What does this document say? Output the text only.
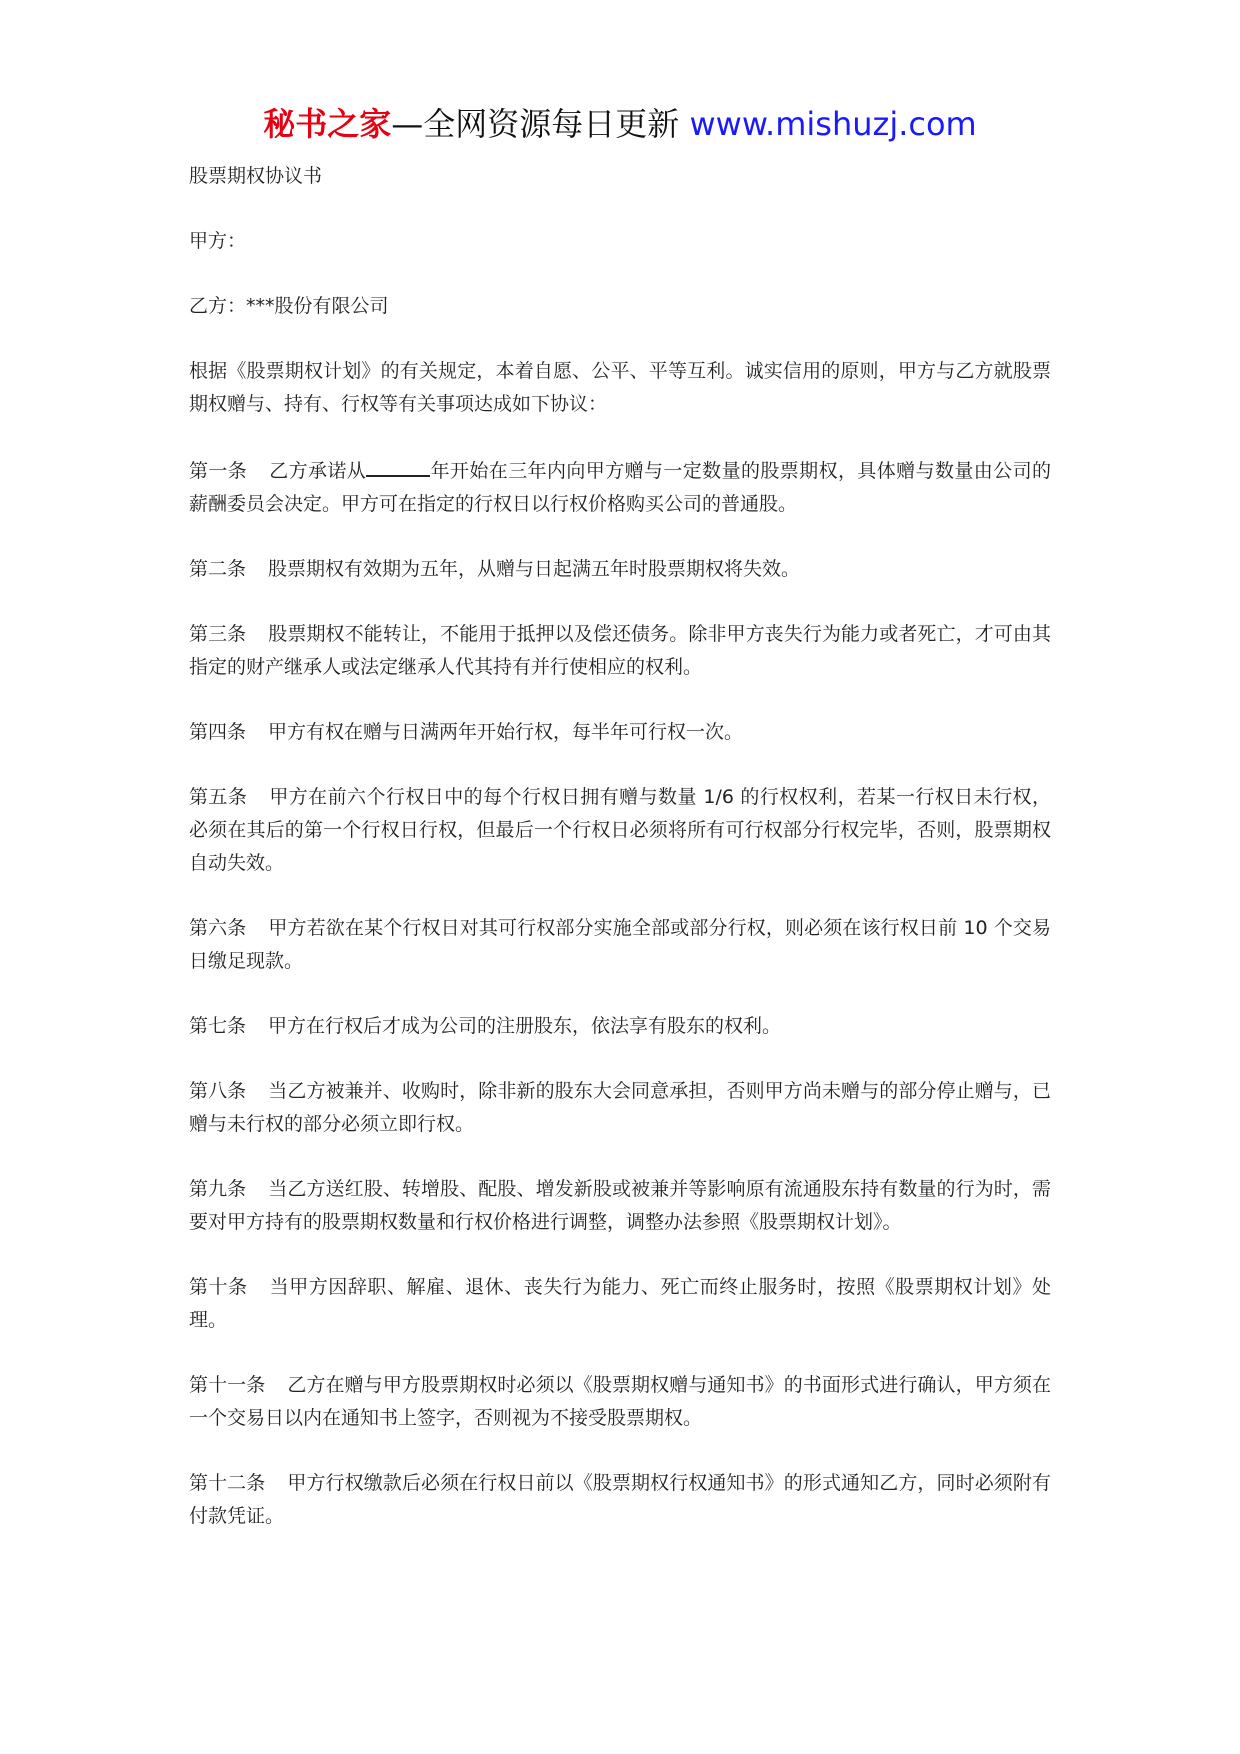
秘书之家—全网资源每日更新 www.mishuzj.com

股票期权协议书

甲方：

乙方：***股份有限公司

根据《股票期权计划》的有关规定，本着自愿、公平、平等互利。诚实信用的原则，甲方与乙方就股票期权赠与、持有、行权等有关事项达成如下协议：

第一条 乙方承诺从	年开始在三年内向甲方赠与一定数量的股票期权，具体赠与数量由公司的薪酬委员会决定。甲方可在指定的行权日以行权价格购买公司的普通股。

第二条 股票期权有效期为五年，从赠与日起满五年时股票期权将失效。

第三条 股票期权不能转让，不能用于抵押以及偿还债务。除非甲方丧失行为能力或者死亡，才可由其指定的财产继承人或法定继承人代其持有并行使相应的权利。

第四条 甲方有权在赠与日满两年开始行权，每半年可行权一次。

第五条 甲方在前六个行权日中的每个行权日拥有赠与数量 1/6 的行权权利，若某一行权日未行权，必须在其后的第一个行权日行权，但最后一个行权日必须将所有可行权部分行权完毕，否则，股票期权自动失效。

第六条 甲方若欲在某个行权日对其可行权部分实施全部或部分行权，则必须在该行权日前 10 个交易日缴足现款。

第七条 甲方在行权后才成为公司的注册股东，依法享有股东的权利。

第八条 当乙方被兼并、收购时，除非新的股东大会同意承担，否则甲方尚未赠与的部分停止赠与，已赠与未行权的部分必须立即行权。

第九条 当乙方送红股、转增股、配股、增发新股或被兼并等影响原有流通股东持有数量的行为时，需要对甲方持有的股票期权数量和行权价格进行调整，调整办法参照《股票期权计划》。

第十条 当甲方因辞职、解雇、退休、丧失行为能力、死亡而终止服务时，按照《股票期权计划》处理。

第十一条 乙方在赠与甲方股票期权时必须以《股票期权赠与通知书》的书面形式进行确认，甲方须在一个交易日以内在通知书上签字，否则视为不接受股票期权。

第十二条 甲方行权缴款后必须在行权日前以《股票期权行权通知书》的形式通知乙方，同时必须附有付款凭证。
